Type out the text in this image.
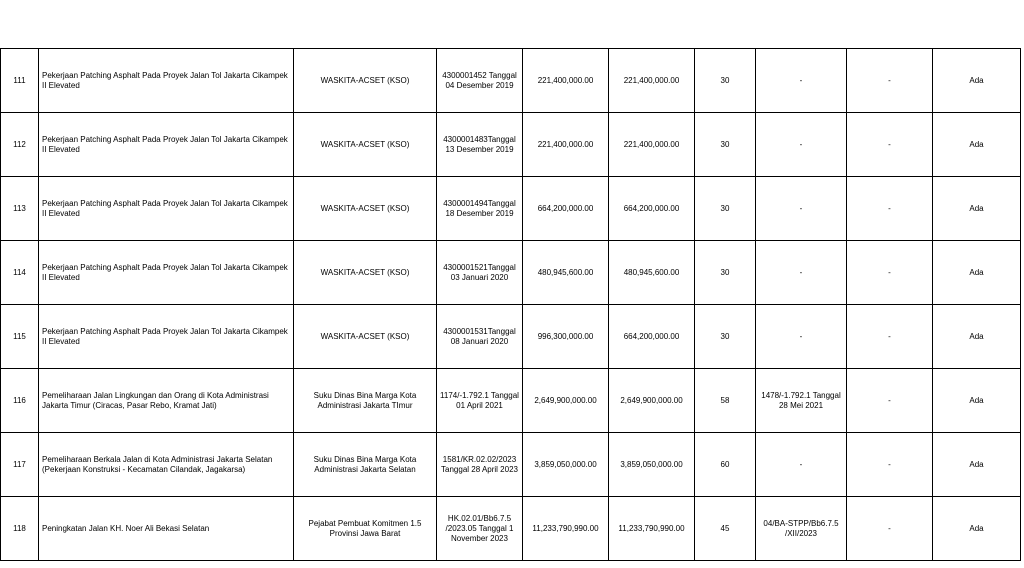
111	Pekerjaan Patching Asphalt Pada Proyek Jalan Tol Jakarta Cikampek II Elevated	WASKITA-ACSET (KSO)	4300001452 Tanggal 04 Desember 2019	221,400,000.00	221,400,000.00	30	-	-	Ada
112	Pekerjaan Patching Asphalt Pada Proyek Jalan Tol Jakarta Cikampek II Elevated	WASKITA-ACSET (KSO)	4300001483Tanggal 13 Desember 2019	221,400,000.00	221,400,000.00	30	-	-	Ada
113	Pekerjaan Patching Asphalt Pada Proyek Jalan Tol Jakarta Cikampek II Elevated	WASKITA-ACSET (KSO)	4300001494Tanggal 18 Desember 2019	664,200,000.00	664,200,000.00	30	-	-	Ada
114	Pekerjaan Patching Asphalt Pada Proyek Jalan Tol Jakarta Cikampek II Elevated	WASKITA-ACSET (KSO)	4300001521Tanggal 03 Januari 2020	480,945,600.00	480,945,600.00	30	-	-	Ada
115	Pekerjaan Patching Asphalt Pada Proyek Jalan Tol Jakarta Cikampek II Elevated	WASKITA-ACSET (KSO)	4300001531Tanggal 08 Januari 2020	996,300,000.00	664,200,000.00	30	-	-	Ada
116	Pemeliharaan Jalan Lingkungan dan Orang di Kota Administrasi Jakarta Timur (Ciracas, Pasar Rebo, Kramat Jati)	Suku Dinas Bina Marga Kota Administrasi Jakarta TImur	1174/-1.792.1 Tanggal 01 April 2021	2,649,900,000.00	2,649,900,000.00	58	1478/-1.792.1 Tanggal 28 Mei 2021	-	Ada
117	Pemeliharaan Berkala Jalan di Kota Administrasi Jakarta Selatan (Pekerjaan Konstruksi - Kecamatan Cilandak, Jagakarsa)	Suku Dinas Bina Marga Kota Administrasi Jakarta Selatan	1581/KR.02.02/2023 Tanggal 28 April 2023	3,859,050,000.00	3,859,050,000.00	60	-	-	Ada
118	Peningkatan Jalan KH. Noer Ali Bekasi Selatan	Pejabat Pembuat Komitmen 1.5 Provinsi Jawa Barat	HK.02.01/Bb6.7.5 /2023.05 Tanggal 1 November 2023	11,233,790,990.00	11,233,790,990.00	45	04/BA-STPP/Bb6.7.5 /XII/2023	-	Ada
